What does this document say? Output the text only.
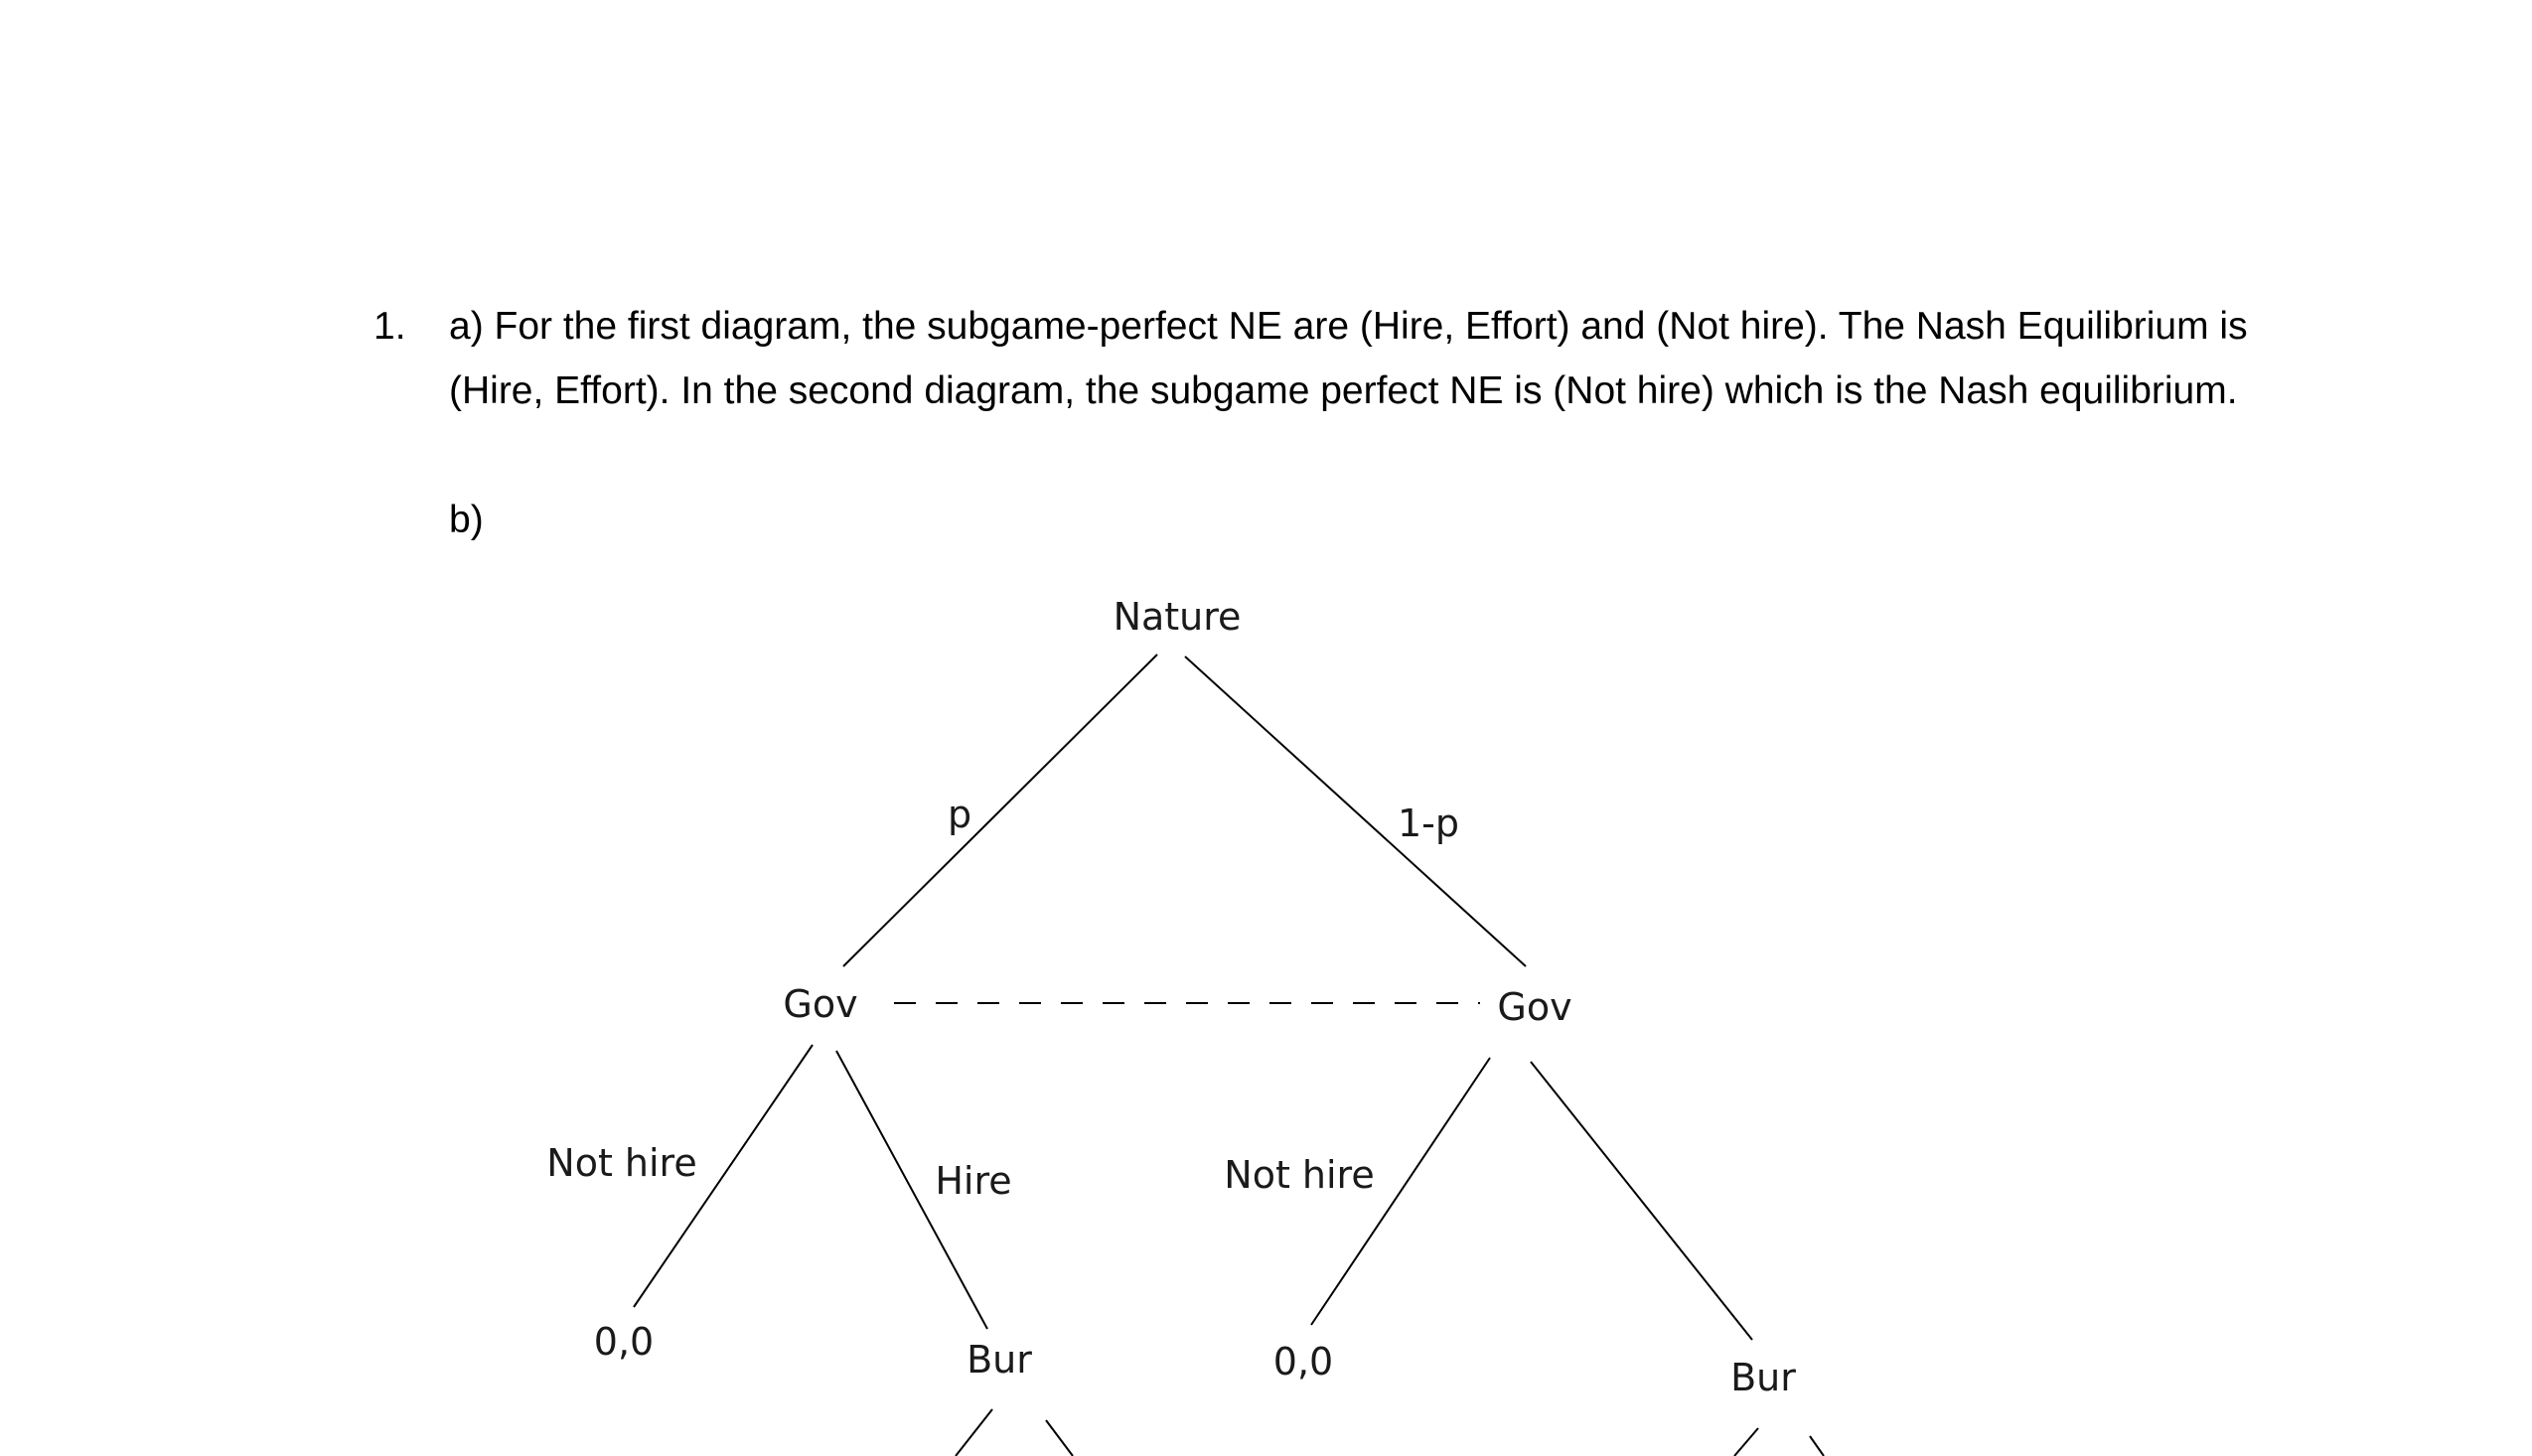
1. a) For the first diagram, the subgame-perfect NE are (Hire, Effort) and (Not hire). The Nash Equilibrium is (Hire, Effort). In the second diagram, the subgame perfect NE is (Not hire) which is the Nash equilibrium.
b)
Nature
p	1-p
Gov	Gov
Not hire	Hire	Not hire
0,0	Bur	0,0	Bur
